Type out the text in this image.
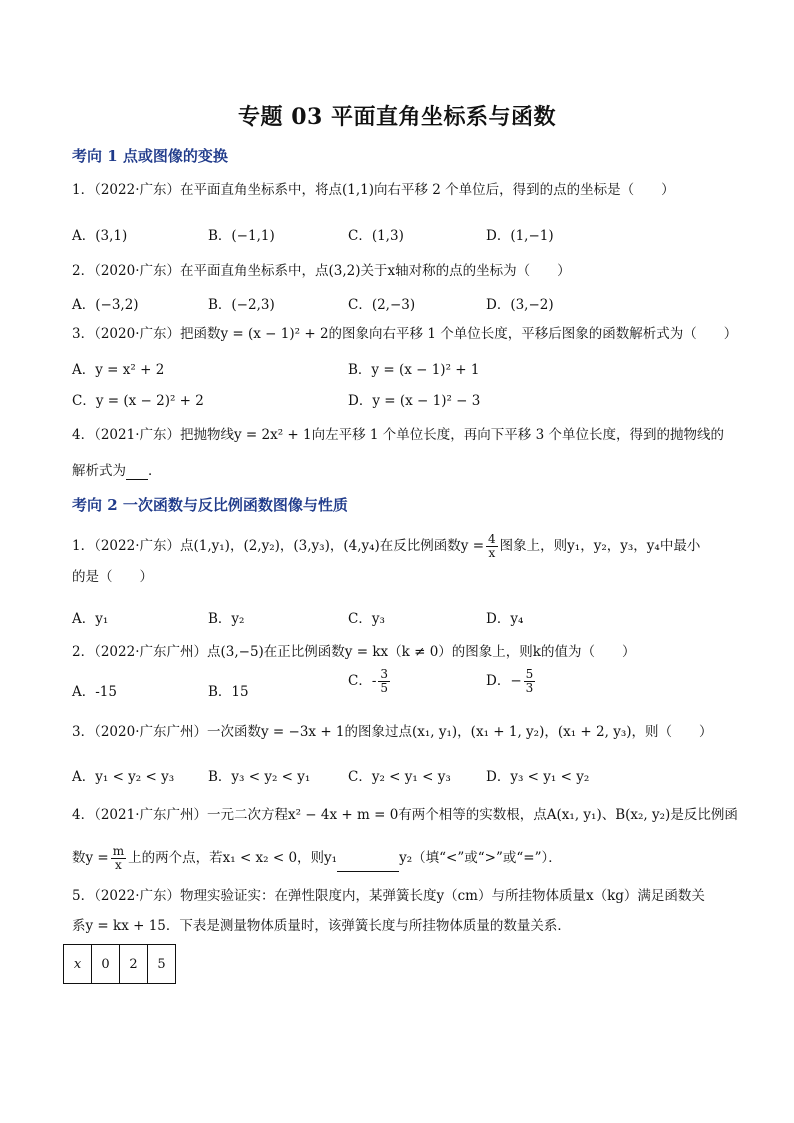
专题 03 平面直角坐标系与函数
考向 1 点或图像的变换
1．（2022·广东）在平面直角坐标系中，将点(1,1)向右平移 2 个单位后，得到的点的坐标是（　　）
A．(3,1)	B．(−1,1)	C．(1,3)	D．(1,−1)
2．（2020·广东）在平面直角坐标系中，点(3,2)关于x轴对称的点的坐标为（　　）
A．(−3,2)	B．(−2,3)	C．(2,−3)	D．(3,−2)
3．（2020·广东）把函数y = (x − 1)² + 2的图象向右平移 1 个单位长度，平移后图象的函数解析式为（　　）
A．y = x² + 2	B．y = (x − 1)² + 1
C．y = (x − 2)² + 2	D．y = (x − 1)² − 3
4．（2021·广东）把抛物线y = 2x² + 1向左平移 1 个单位长度，再向下平移 3 个单位长度，得到的抛物线的
解析式为 ．
考向 2 一次函数与反比例函数图像与性质
1．（2022·广东）点(1,y₁)，(2,y₂)，(3,y₃)，(4,y₄)在反比例函数$y = \frac{4}{x}$ 图象上，则y₁，y₂，y₃，y₄中最小
的是（　　）
A．y₁	B．y₂	C．y₃	D．y₄
2．（2022·广东广州）点(3,−5)在正比例函数y = kx（k ≠ 0）的图象上，则k的值为（　　）
A．-15	B．15
C．- $\frac{3}{5}$	D．− $\frac{5}{3}$
3．（2020·广东广州）一次函数y = −3x + 1的图象过点(x₁, y₁)，(x₁ + 1, y₂)，(x₁ + 2, y₃)，则（　　）
A．y₁ < y₂ < y₃	B．y₃ < y₂ < y₁	C．y₂ < y₁ < y₃	D．y₃ < y₁ < y₂
4．（2021·广东广州）一元二次方程x² − 4x + m = 0有两个相等的实数根，点A(x₁, y₁)、B(x₂, y₂)是反比例函
数$y = \frac{m}{x}$ 上的两个点，若x₁ < x₂ < 0，则y₁	y₂（填“<”或“>”或“=”）．
5．（2022·广东）物理实验证实：在弹性限度内，某弹簧长度y（cm）与所挂物体质量x（kg）满足函数关
系y = kx + 15．下表是测量物体质量时，该弹簧长度与所挂物体质量的数量关系．
x	0	2	5
